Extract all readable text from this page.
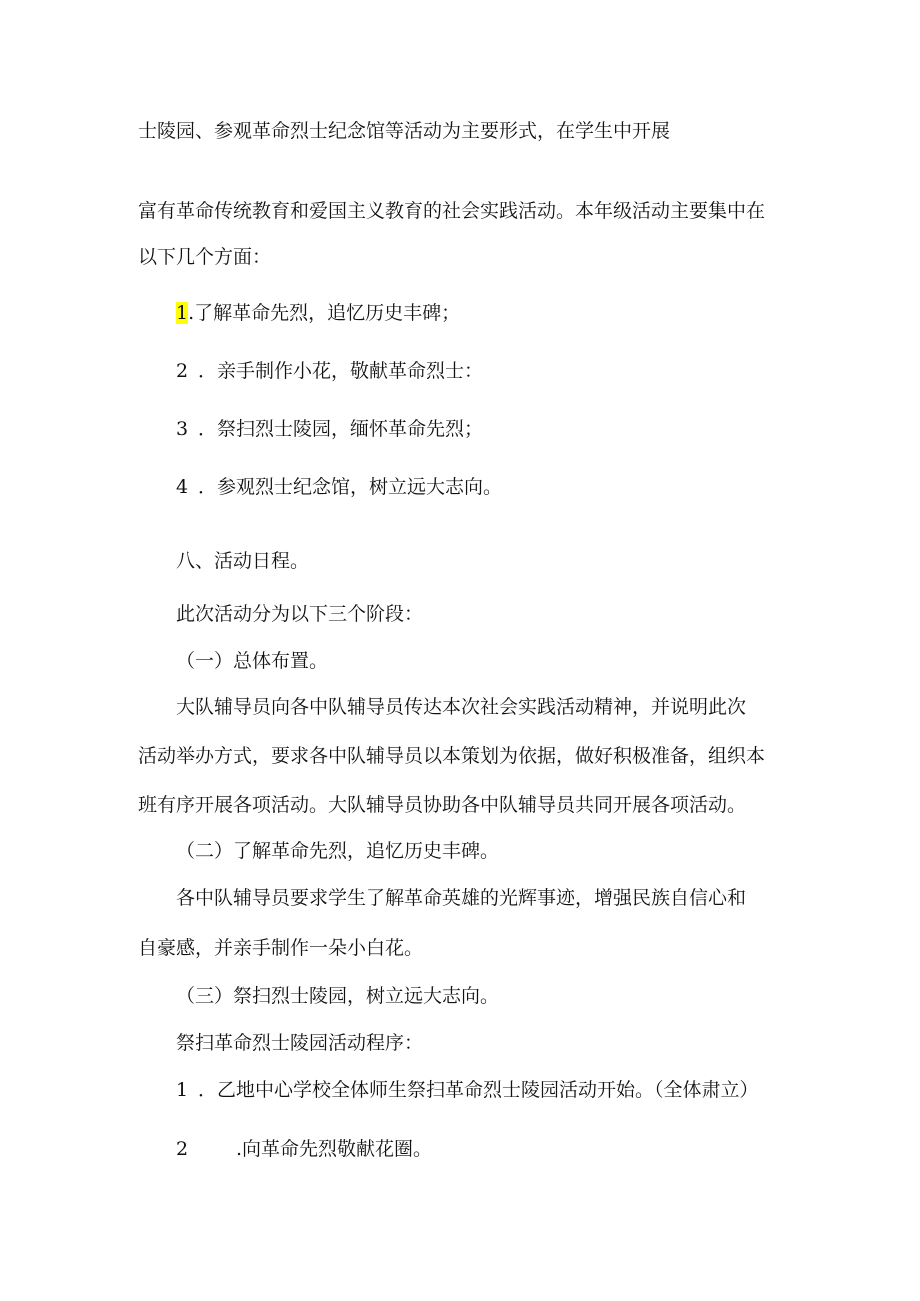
士陵园、参观革命烈士纪念馆等活动为主要形式，在学生中开展
富有革命传统教育和爱国主义教育的社会实践活动。本年级活动主要集中在
以下几个方面：
1.了解革命先烈，追忆历史丰碑；
2 ．亲手制作小花，敬献革命烈士：
3 ．祭扫烈士陵园，缅怀革命先烈；
4 ．参观烈士纪念馆，树立远大志向。
八、活动日程。
此次活动分为以下三个阶段：
（一）总体布置。
大队辅导员向各中队辅导员传达本次社会实践活动精神，并说明此次
活动举办方式，要求各中队辅导员以本策划为依据，做好积极准备，组织本
班有序开展各项活动。大队辅导员协助各中队辅导员共同开展各项活动。
（二）了解革命先烈，追忆历史丰碑。
各中队辅导员要求学生了解革命英雄的光辉事迹，增强民族自信心和
自豪感，并亲手制作一朵小白花。
（三）祭扫烈士陵园，树立远大志向。
祭扫革命烈士陵园活动程序：
1 ．乙地中心学校全体师生祭扫革命烈士陵园活动开始。（全体肃立）
2	.向革命先烈敬献花圈。
